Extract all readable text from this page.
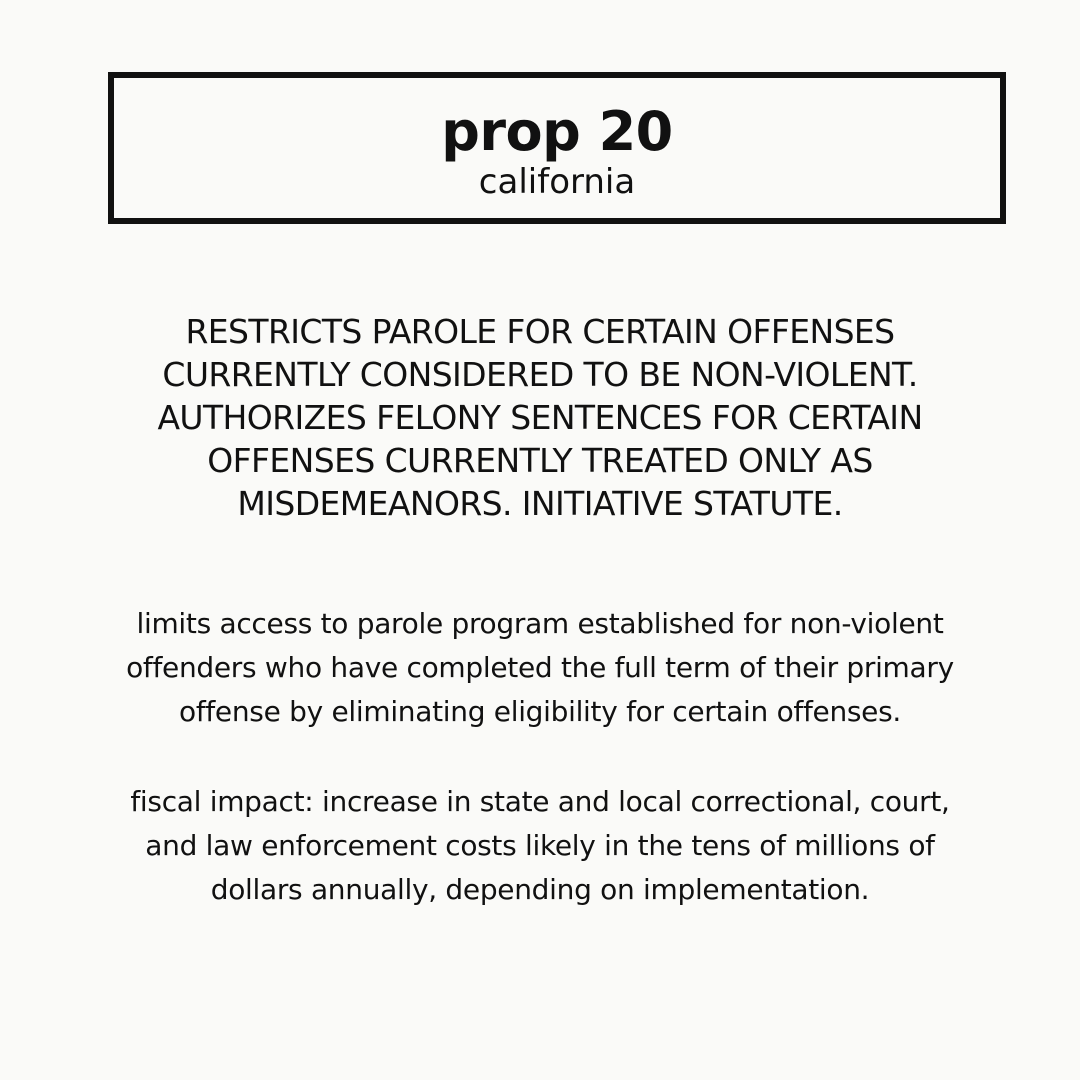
prop 20
california
RESTRICTS PAROLE FOR CERTAIN OFFENSES
CURRENTLY CONSIDERED TO BE NON-VIOLENT.
AUTHORIZES FELONY SENTENCES FOR CERTAIN
OFFENSES CURRENTLY TREATED ONLY AS
MISDEMEANORS. INITIATIVE STATUTE.
limits access to parole program established for non-violent
offenders who have completed the full term of their primary
offense by eliminating eligibility for certain offenses.
fiscal impact: increase in state and local correctional, court,
and law enforcement costs likely in the tens of millions of
dollars annually, depending on implementation.
